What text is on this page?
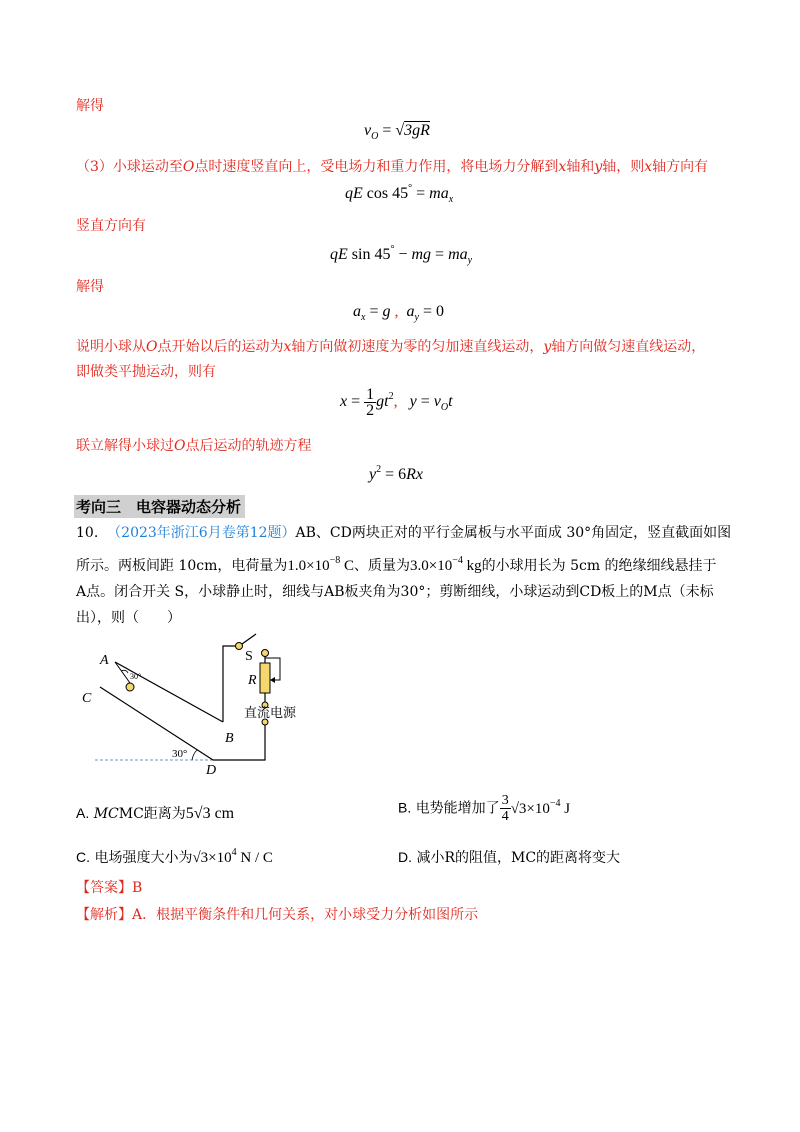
解得
$v_O = √3gR$
（3）小球运动至O点时速度竖直向上，受电场力和重力作用，将电场力分解到x轴和y轴，则x轴方向有
qE $\cos 45^\circ = ma_x$
竖直方向有
qE sin 45° − mg = $ma_y$
解得
$a_x = g$ ,  $a_y = 0$
说明小球从O点开始以后的运动为x轴方向做初速度为零的匀加速直线运动，y轴方向做匀速直线运动，
即做类平抛运动，则有
$x = \frac{1}{2} gt^2$,   $y = v_Ot$
联立解得小球过O点后运动的轨迹方程
$y^2 = 6Rx$
考向三　电容器动态分析
10. （2023年浙江6月卷第12题）AB、CD两块正对的平行金属板与水平面成 30°角固定，竖直截面如图
所示。两板间距 10cm，电荷量为$1.0\times 10^{-8}$ C、质量为$3.0\times 10^{-4}$ kg的小球用长为 5cm 的绝缘细线悬挂于
A点。闭合开关 S，小球静止时，细线与AB板夹角为30°；剪断细线，小球运动到CD板上的M点（未标
出），则（　　）
A
C
B
D
S
R
30°
30°
直流电源
A. MCMC距离为5√3 cm	B. 电势能增加了 $\frac{3}{4} √3\times 10^{-4}$ J
C. 电场强度大小为$√3\times 10^4$ N / C	D. 减小R的阻值，MC的距离将变大
【答案】B
【解析】A．根据平衡条件和几何关系，对小球受力分析如图所示
